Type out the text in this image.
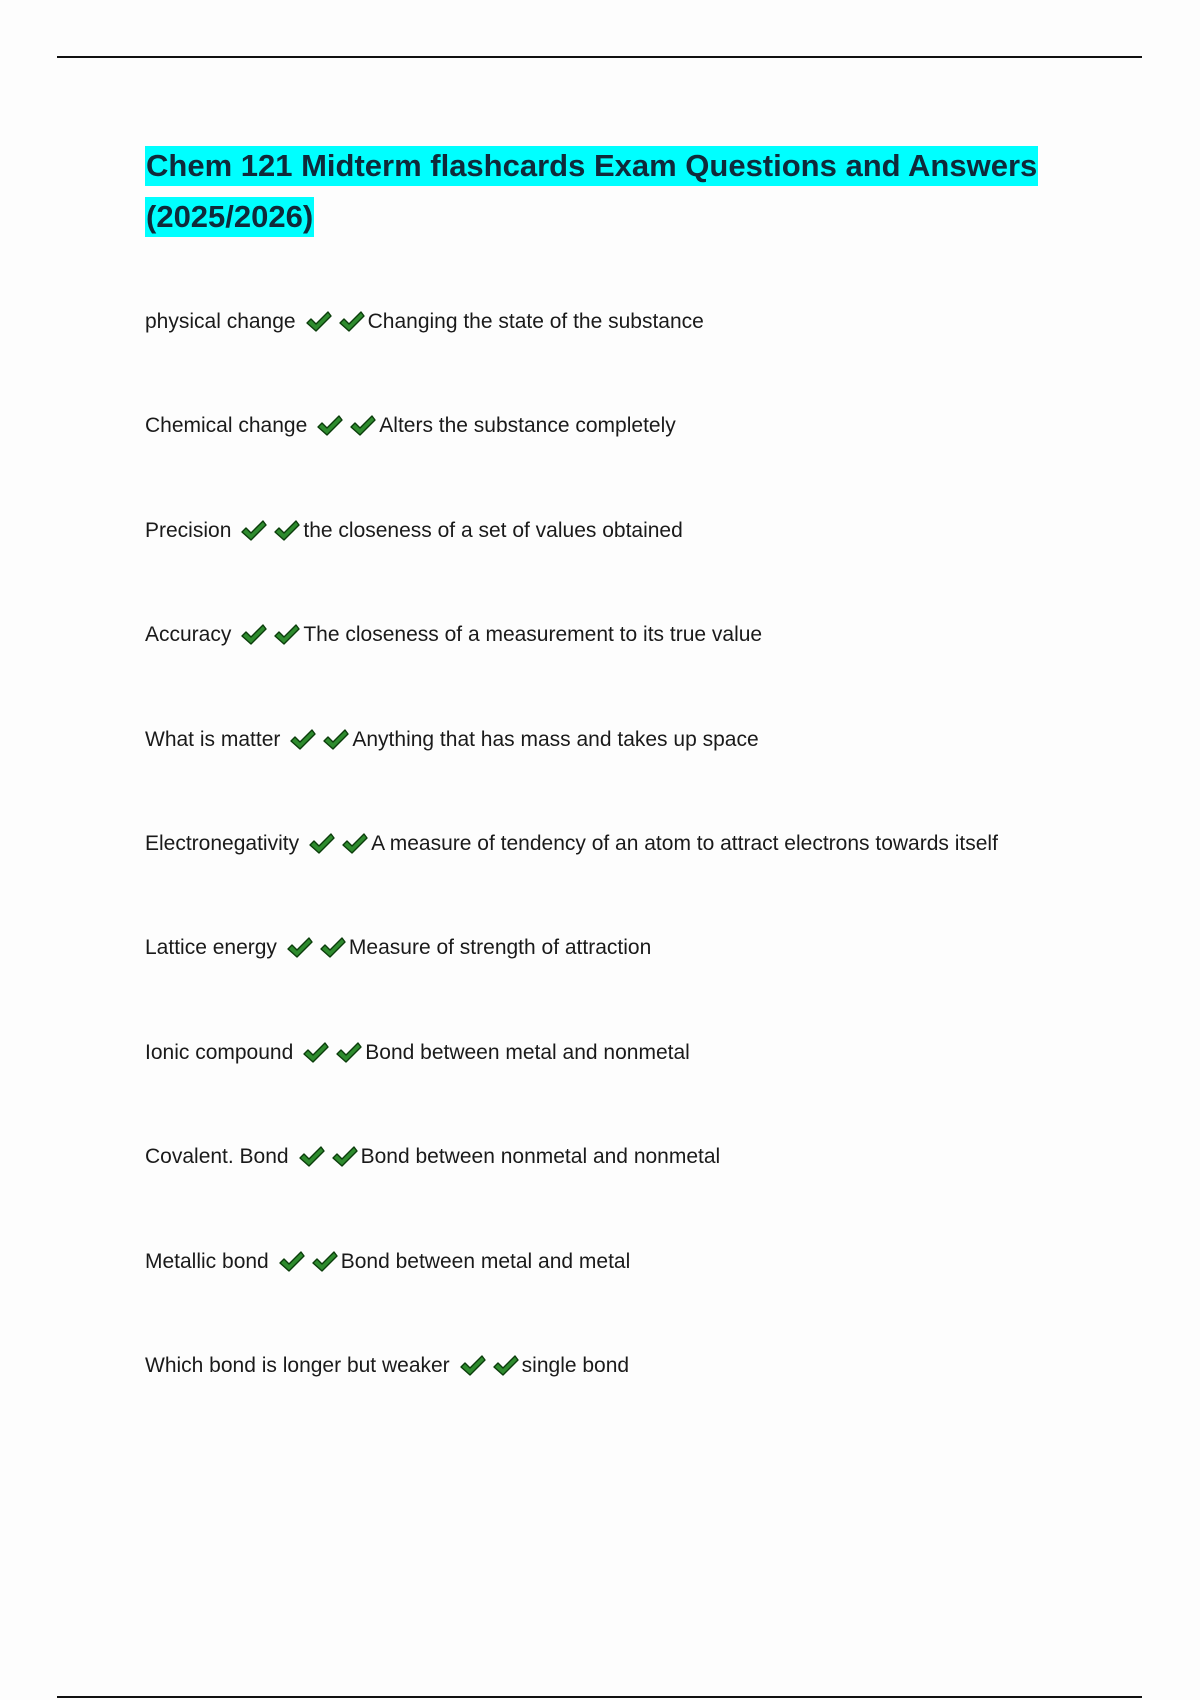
Chem 121 Midterm flashcards Exam Questions and Answers
(2025/2026)
physical change	Changing the state of the substance
Chemical change	Alters the substance completely
Precision	the closeness of a set of values obtained
Accuracy	The closeness of a measurement to its true value
What is matter	Anything that has mass and takes up space
Electronegativity	A measure of tendency of an atom to attract electrons towards itself
Lattice energy	Measure of strength of attraction
Ionic compound	Bond between metal and nonmetal
Covalent. Bond	Bond between nonmetal and nonmetal
Metallic bond	Bond between metal and metal
Which bond is longer but weaker	single bond
